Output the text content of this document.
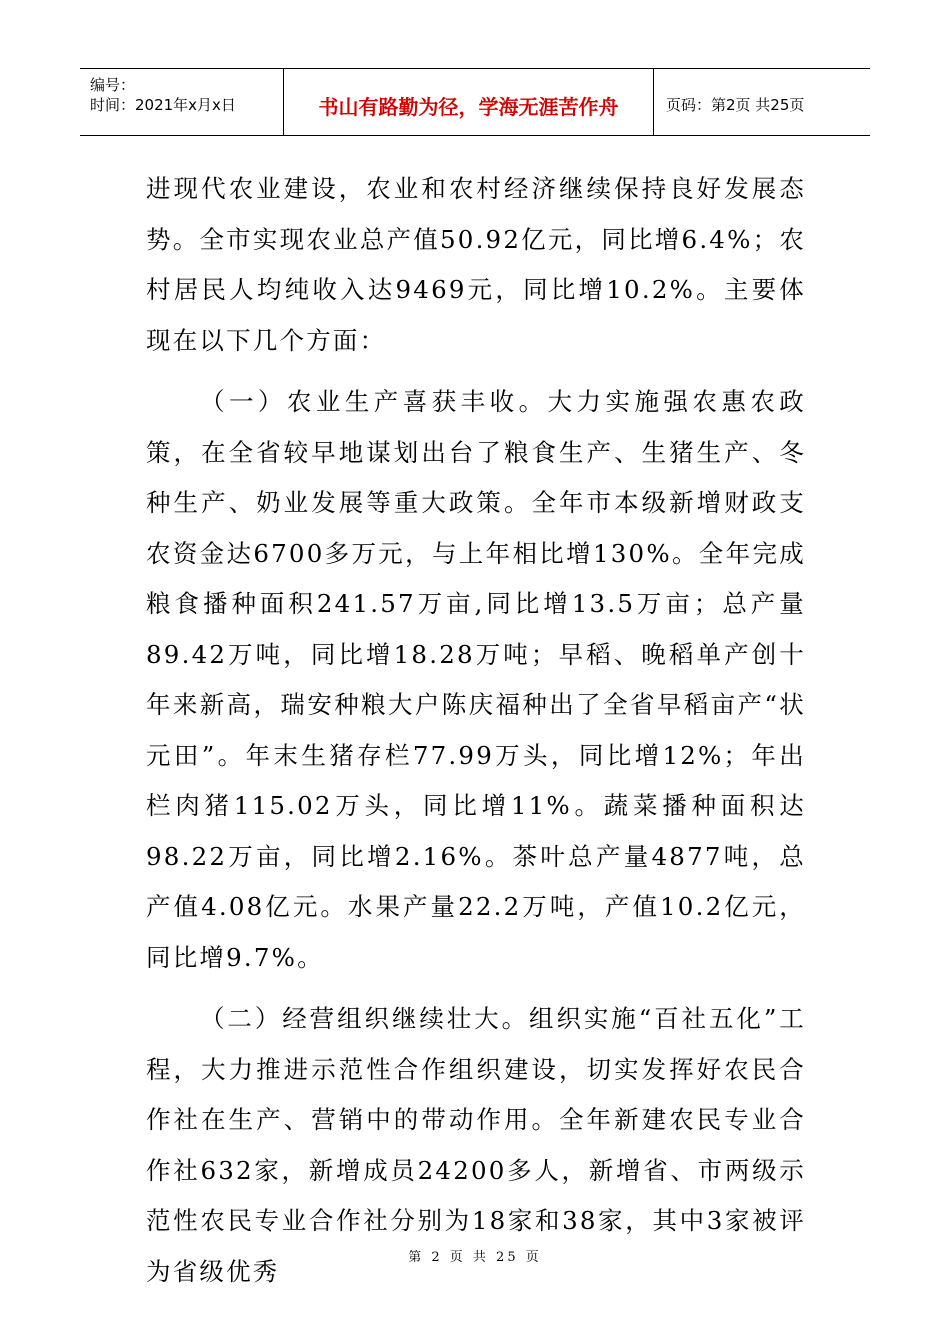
编号：
时间：2021年x月x日	书山有路勤为径，学海无涯苦作舟	页码：第2页 共25页

进现代农业建设，农业和农村经济继续保持良好发展态势。全市实现农业总产值50.92亿元，同比增6.4%；农村居民人均纯收入达9469元，同比增10.2%。主要体现在以下几个方面：

（一）农业生产喜获丰收。大力实施强农惠农政策，在全省较早地谋划出台了粮食生产、生猪生产、冬种生产、奶业发展等重大政策。全年市本级新增财政支农资金达6700多万元，与上年相比增130%。全年完成粮食播种面积241.57万亩,同比增13.5万亩；总产量89.42万吨，同比增18.28万吨；早稻、晚稻单产创十年来新高，瑞安种粮大户陈庆福种出了全省早稻亩产“状元田”。年末生猪存栏77.99万头，同比增12%；年出栏肉猪115.02万头，同比增11%。蔬菜播种面积达98.22万亩，同比增2.16%。茶叶总产量4877吨，总产值4.08亿元。水果产量22.2万吨，产值10.2亿元，同比增9.7%。

（二）经营组织继续壮大。组织实施“百社五化”工程，大力推进示范性合作组织建设，切实发挥好农民合作社在生产、营销中的带动作用。全年新建农民专业合作社632家，新增成员24200多人，新增省、市两级示范性农民专业合作社分别为18家和38家，其中3家被评为省级优秀	第 2 页 共 25 页
